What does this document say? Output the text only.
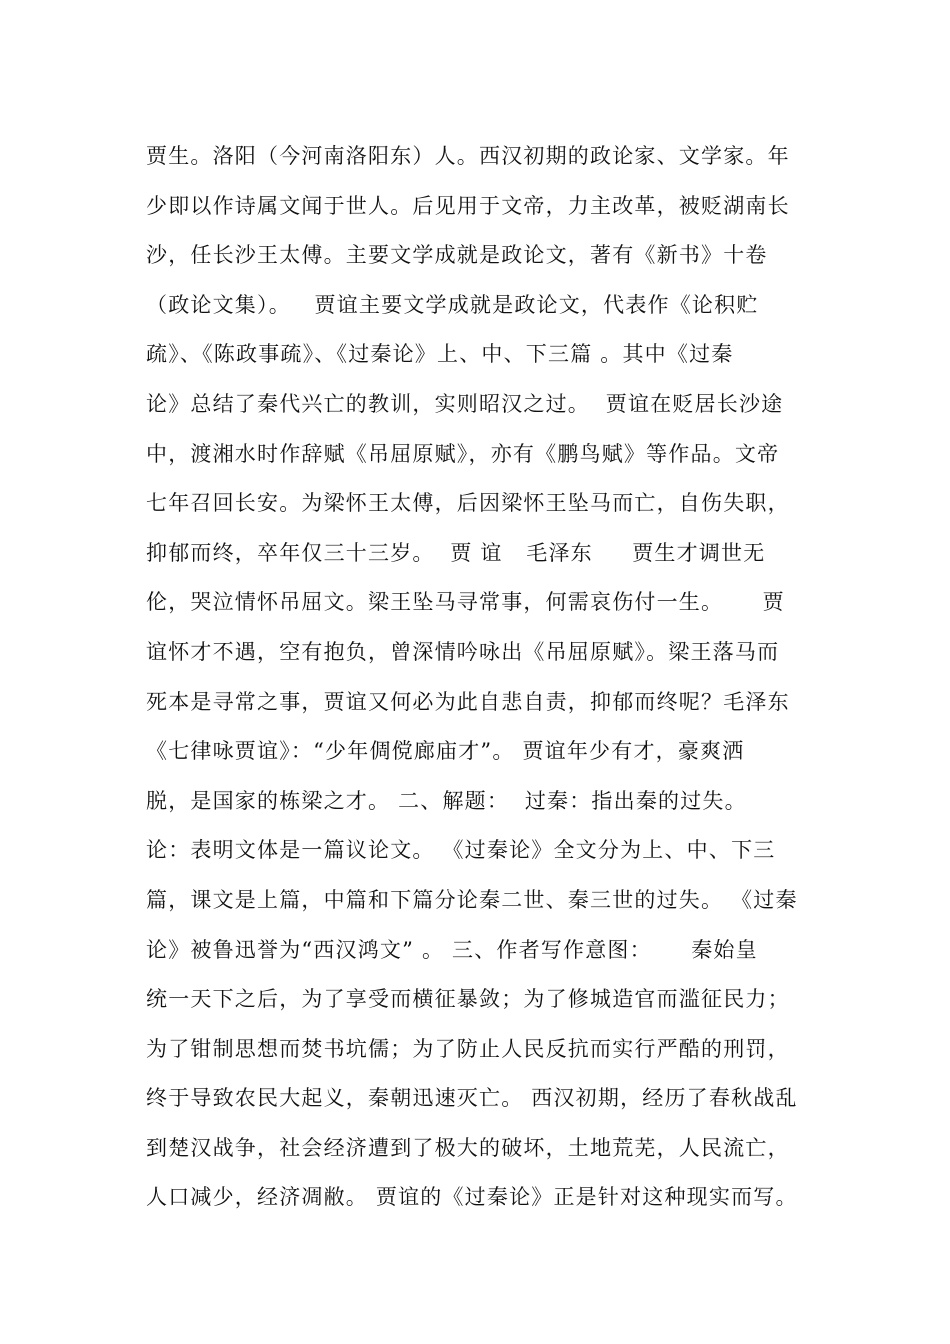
贾生。洛阳（今河南洛阳东）人。西汉初期的政论家、文学家。年
少即以作诗属文闻于世人。后见用于文帝，力主改革，被贬湖南长
沙，任长沙王太傅。主要文学成就是政论文，著有《新书》十卷
（政论文集）。   贾谊主要文学成就是政论文，代表作《论积贮
疏》、《陈政事疏》、《过秦论》上、中、下三篇 。其中《过秦
论》总结了秦代兴亡的教训，实则昭汉之过。  贾谊在贬居长沙途
中，渡湘水时作辞赋《吊屈原赋》，亦有《鹏鸟赋》等作品。文帝
七年召回长安。为梁怀王太傅，后因梁怀王坠马而亡，自伤失职，
抑郁而终，卒年仅三十三岁。  贾 谊   毛泽东     贾生才调世无
伦，哭泣情怀吊屈文。梁王坠马寻常事，何需哀伤付一生。     贾
谊怀才不遇，空有抱负，曾深情吟咏出《吊屈原赋》。梁王落马而
死本是寻常之事，贾谊又何必为此自悲自责，抑郁而终呢？毛泽东
《七律咏贾谊》：“少年倜傥廊庙才”。 贾谊年少有才，豪爽洒
脱，是国家的栋梁之才。 二、解题：  过秦：指出秦的过失。
论：表明文体是一篇议论文。 《过秦论》全文分为上、中、下三
篇，课文是上篇，中篇和下篇分论秦二世、秦三世的过失。 《过秦
论》被鲁迅誉为“西汉鸿文” 。 三、作者写作意图：     秦始皇
统一天下之后，为了享受而横征暴敛；为了修城造官而滥征民力；
为了钳制思想而焚书坑儒；为了防止人民反抗而实行严酷的刑罚，
终于导致农民大起义，秦朝迅速灭亡。 西汉初期，经历了春秋战乱
到楚汉战争，社会经济遭到了极大的破坏，土地荒芜，人民流亡，
人口减少，经济凋敝。 贾谊的《过秦论》正是针对这种现实而写。
